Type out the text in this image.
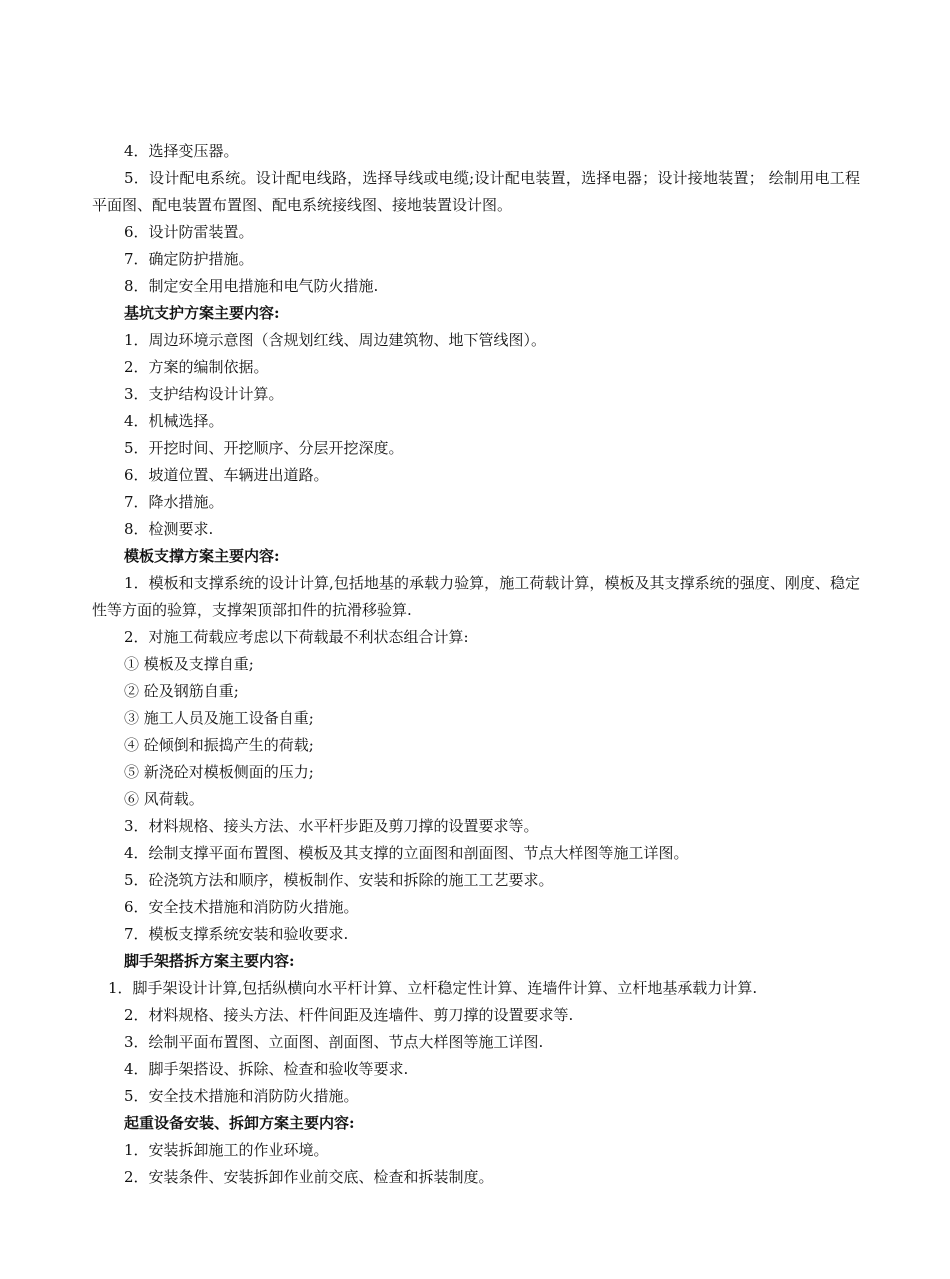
4．选择变压器。
5．设计配电系统。设计配电线路，选择导线或电缆;设计配电装置，选择电器；设计接地装置； 绘制用电工程平面图、配电装置布置图、配电系统接线图、接地装置设计图。
6．设计防雷装置。
7．确定防护措施。
8．制定安全用电措施和电气防火措施.
基坑支护方案主要内容:
1．周边环境示意图（含规划红线、周边建筑物、地下管线图）。
2．方案的编制依据。
3．支护结构设计计算。
4．机械选择。
5．开挖时间、开挖顺序、分层开挖深度。
6．坡道位置、车辆进出道路。
7．降水措施。
8．检测要求.
模板支撑方案主要内容:
1．模板和支撑系统的设计计算,包括地基的承载力验算，施工荷载计算，模板及其支撑系统的强度、刚度、稳定性等方面的验算，支撑架顶部扣件的抗滑移验算.
2．对施工荷载应考虑以下荷载最不利状态组合计算:
① 模板及支撑自重;
② 砼及钢筋自重;
③ 施工人员及施工设备自重;
④ 砼倾倒和振捣产生的荷载;
⑤ 新浇砼对模板侧面的压力;
⑥ 风荷载。
3．材料规格、接头方法、水平杆步距及剪刀撑的设置要求等。
4．绘制支撑平面布置图、模板及其支撑的立面图和剖面图、节点大样图等施工详图。
5．砼浇筑方法和顺序，模板制作、安装和拆除的施工工艺要求。
6．安全技术措施和消防防火措施。
7．模板支撑系统安装和验收要求.
脚手架搭拆方案主要内容:
1．脚手架设计计算,包括纵横向水平杆计算、立杆稳定性计算、连墙件计算、立杆地基承载力计算.
2．材料规格、接头方法、杆件间距及连墙件、剪刀撑的设置要求等.
3．绘制平面布置图、立面图、剖面图、节点大样图等施工详图.
4．脚手架搭设、拆除、检查和验收等要求.
5．安全技术措施和消防防火措施。
起重设备安装、拆卸方案主要内容:
1．安装拆卸施工的作业环境。
2．安装条件、安装拆卸作业前交底、检查和拆装制度。
